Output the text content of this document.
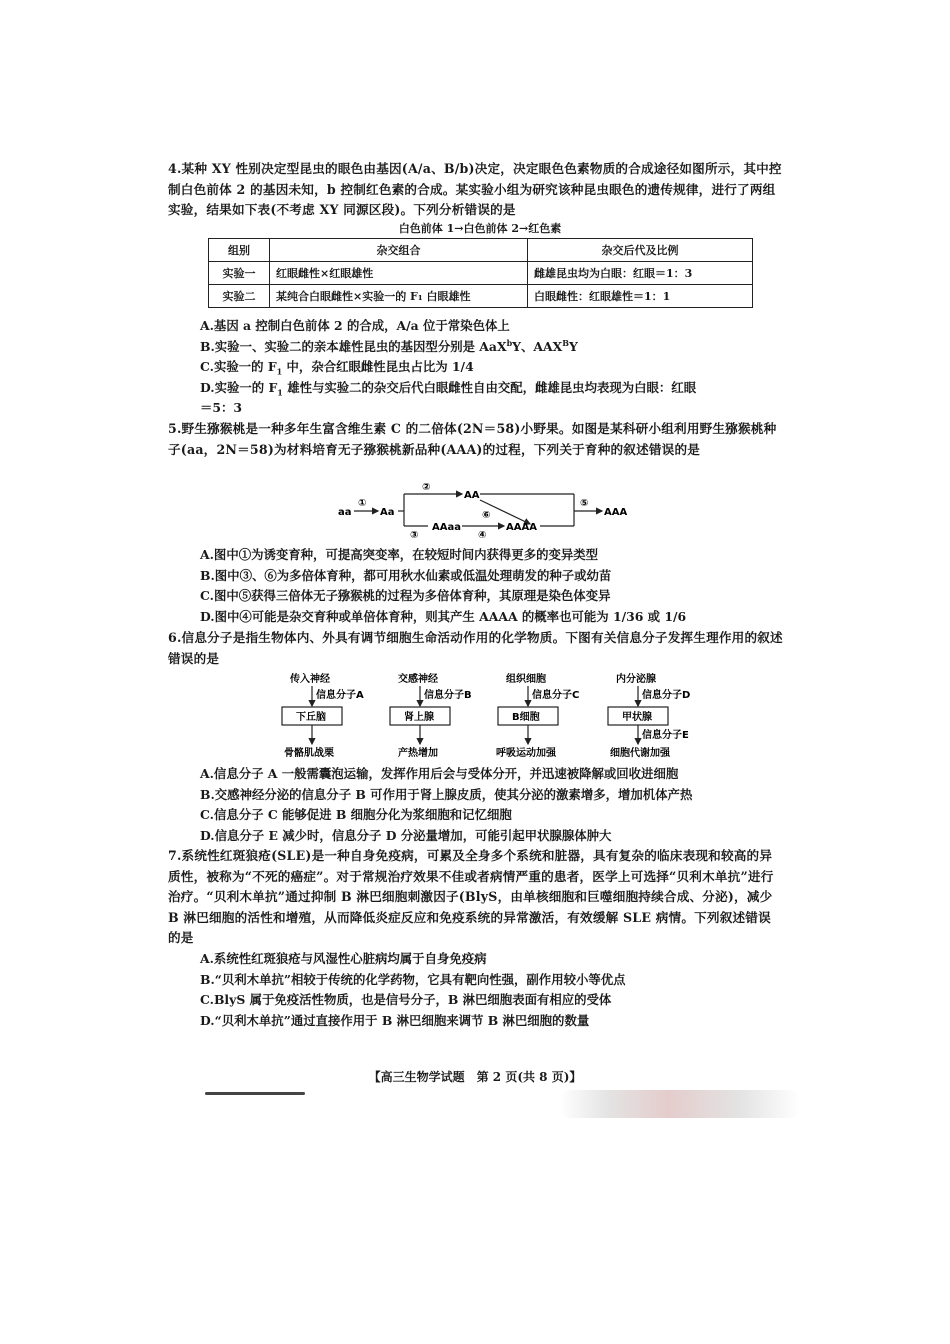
4.某种 XY 性别决定型昆虫的眼色由基因(A/a、B/b)决定，决定眼色色素物质的合成途径如图所示，其中控制白色前体 2 的基因未知，b 控制红色素的合成。某实验小组为研究该种昆虫眼色的遗传规律，进行了两组实验，结果如下表(不考虑 XY 同源区段)。下列分析错误的是

白色前体 1→白色前体 2→红色素
组别	杂交组合	杂交后代及比例
实验一	红眼雌性×红眼雄性	雌雄昆虫均为白眼：红眼＝1：3
实验二	某纯合白眼雌性×实验一的 F₁ 白眼雄性	白眼雌性：红眼雄性＝1：1

A.基因 a 控制白色前体 2 的合成，A/a 位于常染色体上

B.实验一、实验二的亲本雄性昆虫的基因型分别是 AaX$^b$Y、$AAX^BY$

C.实验一的 $F_1$ 中，杂合红眼雌性昆虫占比为 1/4

D.实验一的 $F_1$ 雄性与实验二的杂交后代白眼雌性自由交配，雌雄昆虫均表现为白眼：红眼

＝5：3

5.野生猕猴桃是一种多年生富含维生素 C 的二倍体(2N＝58)小野果。如图是某科研小组利用野生猕猴桃种子(aa，2N＝58)为材料培育无子猕猴桃新品种(AAA)的过程，下列关于育种的叙述错误的是

aa
①
Aa
②
AA
⑥
③
AAaa
④
AAAA
⑤
AAA

A.图中①为诱变育种，可提高突变率，在较短时间内获得更多的变异类型

B.图中③、⑥为多倍体育种，都可用秋水仙素或低温处理萌发的种子或幼苗

C.图中⑤获得三倍体无子猕猴桃的过程为多倍体育种，其原理是染色体变异

D.图中④可能是杂交育种或单倍体育种，则其产生 AAAA 的概率也可能为 1/36 或 1/6

6.信息分子是指生物体内、外具有调节细胞生命活动作用的化学物质。下图有关信息分子发挥生理作用的叙述错误的是

传入神经
信息分子A
下丘脑
骨骼肌战栗
交感神经
信息分子B
肾上腺
产热增加
组织细胞
信息分子C
B细胞
呼吸运动加强
内分泌腺
信息分子D
甲状腺
信息分子E
细胞代谢加强

A.信息分子 A 一般需囊泡运输，发挥作用后会与受体分开，并迅速被降解或回收进细胞

B.交感神经分泌的信息分子 B 可作用于肾上腺皮质，使其分泌的激素增多，增加机体产热

C.信息分子 C 能够促进 B 细胞分化为浆细胞和记忆细胞

D.信息分子 E 减少时，信息分子 D 分泌量增加，可能引起甲状腺腺体肿大

7.系统性红斑狼疮(SLE)是一种自身免疫病，可累及全身多个系统和脏器，具有复杂的临床表现和较高的异质性，被称为“不死的癌症”。对于常规治疗效果不佳或者病情严重的患者，医学上可选择“贝利木单抗”进行治疗。“贝利木单抗”通过抑制 B 淋巴细胞刺激因子(BlyS，由单核细胞和巨噬细胞持续合成、分泌)，减少 B 淋巴细胞的活性和增殖，从而降低炎症反应和免疫系统的异常激活，有效缓解 SLE 病情。下列叙述错误的是

A.系统性红斑狼疮与风湿性心脏病均属于自身免疫病

B.“贝利木单抗”相较于传统的化学药物，它具有靶向性强，副作用较小等优点

C.BlyS 属于免疫活性物质，也是信号分子，B 淋巴细胞表面有相应的受体

D.“贝利木单抗”通过直接作用于 B 淋巴细胞来调节 B 淋巴细胞的数量

【高三生物学试题　第 2 页(共 8 页)】
